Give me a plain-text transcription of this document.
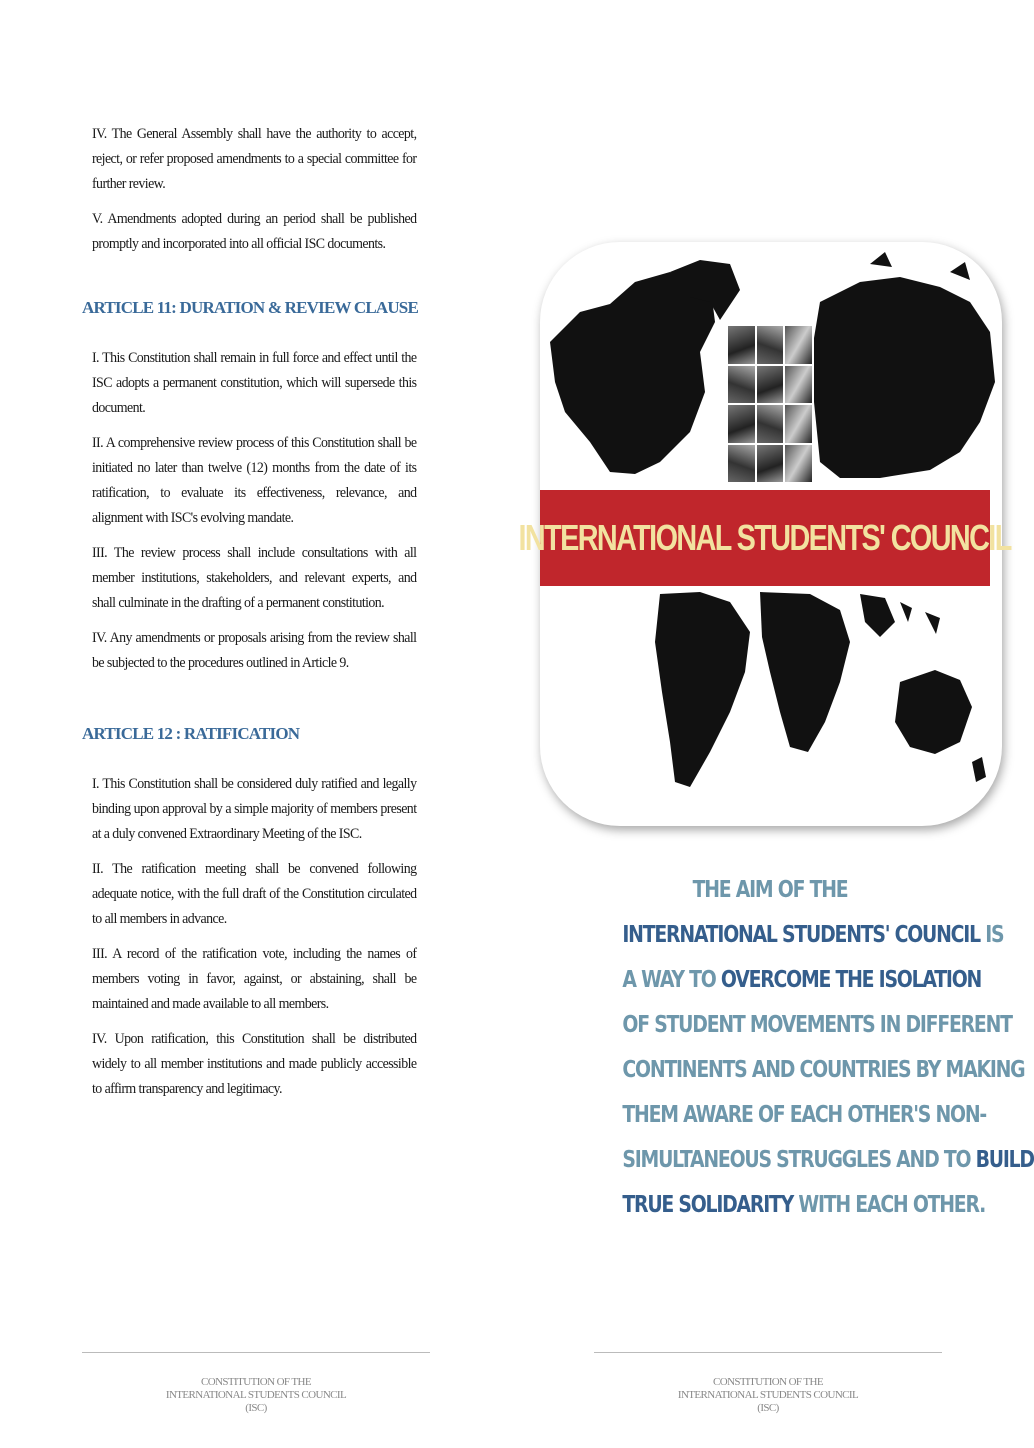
IV. The General Assembly shall have the authority to accept, reject, or refer proposed amendments to a special committee for further review.

V. Amendments adopted during an period shall be published promptly and incorporated into all official ISC documents.

ARTICLE 11: DURATION & REVIEW CLAUSE

I. This Constitution shall remain in full force and effect until the ISC adopts a permanent constitution, which will supersede this document.

II. A comprehensive review process of this Constitution shall be initiated no later than twelve (12) months from the date of its ratification, to evaluate its effectiveness, relevance, and alignment with ISC's evolving mandate.

III. The review process shall include consultations with all member institutions, stakeholders, and relevant experts, and shall culminate in the drafting of a permanent constitution.

IV. Any amendments or proposals arising from the review shall be subjected to the procedures outlined in Article 9.

ARTICLE 12 : RATIFICATION

I. This Constitution shall be considered duly ratified and legally binding upon approval by a simple majority of members present at a duly convened Extraordinary Meeting of the ISC.

II. The ratification meeting shall be convened following adequate notice, with the full draft of the Constitution circulated to all members in advance.

III. A record of the ratification vote, including the names of members voting in favor, against, or abstaining, shall be maintained and made available to all members.

IV. Upon ratification, this Constitution shall be distributed widely to all member institutions and made publicly accessible to affirm transparency and legitimacy.

INTERNATIONAL STUDENTS' COUNCIL
THE AIM OF THE
INTERNATIONAL STUDENTS' COUNCIL IS
A WAY TO OVERCOME THE ISOLATION
OF STUDENT MOVEMENTS IN DIFFERENT
CONTINENTS AND COUNTRIES BY MAKING
THEM AWARE OF EACH OTHER'S NON-
SIMULTANEOUS STRUGGLES AND TO BUILD
TRUE SOLIDARITY WITH EACH OTHER.
CONSTITUTION OF THE
INTERNATIONAL STUDENTS COUNCIL
(ISC)
CONSTITUTION OF THE
INTERNATIONAL STUDENTS COUNCIL
(ISC)
